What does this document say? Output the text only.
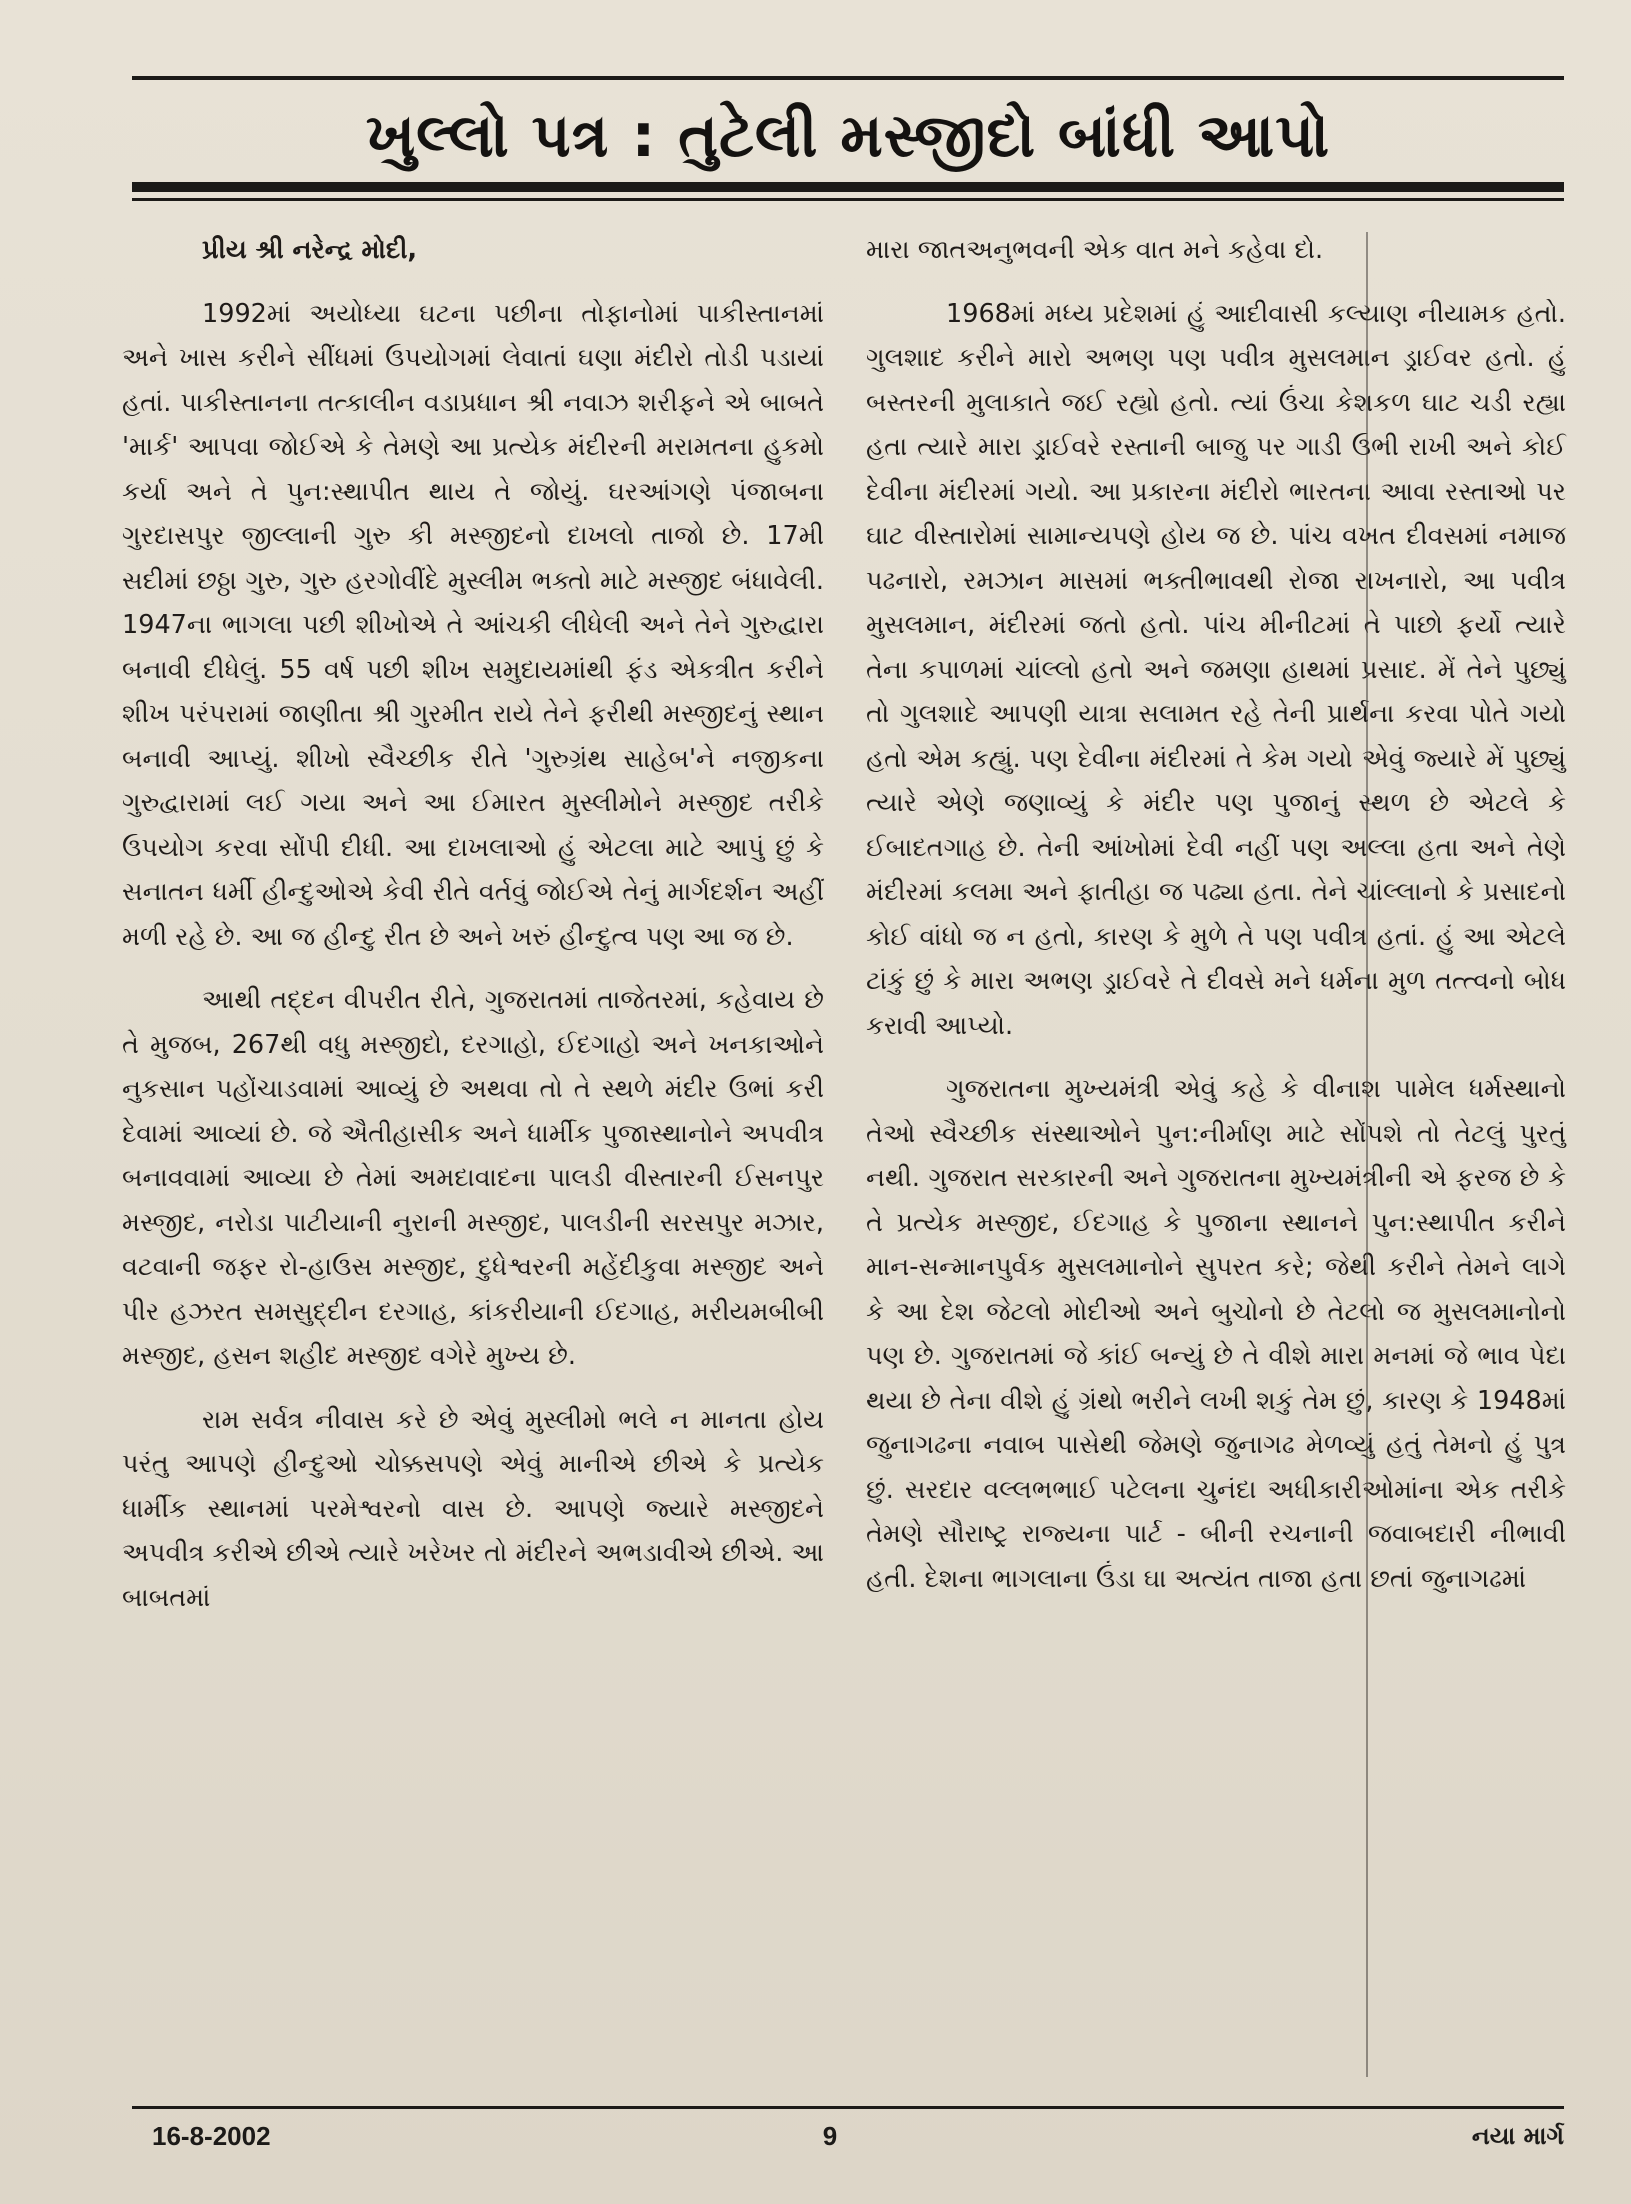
ખુલ્લો પત્ર : તુટેલી મસ્જીદો બાંધી આપો

પ્રીય શ્રી નરેન્દ્ર મોદી,

1992માં અયોધ્યા ઘટના પછીના તોફાનોમાં પાકીસ્તાનમાં અને ખાસ કરીને સીંધમાં ઉપયોગમાં લેવાતાં ઘણા મંદીરો તોડી પડાયાં હતાં. પાકીસ્તાનના તત્કાલીન વડાપ્રધાન શ્રી નવાઝ શરીફને એ બાબતે 'માર્ક' આપવા જોઈએ કે તેમણે આ પ્રત્યેક મંદીરની મરામતના હુકમો કર્યા અને તે પુન:સ્થાપીત થાય તે જોયું. ઘરઆંગણે પંજાબના ગુરદાસપુર જીલ્લાની ગુરુ કી મસ્જીદનો દાખલો તાજો છે. 17મી સદીમાં છઠ્ઠા ગુરુ, ગુરુ હરગોવીંદે મુસ્લીમ ભક્તો માટે મસ્જીદ બંધાવેલી. 1947ના ભાગલા પછી શીખોએ તે આંચકી લીધેલી અને તેને ગુરુદ્વારા બનાવી દીધેલું. 55 વર્ષ પછી શીખ સમુદાયમાંથી ફંડ એકત્રીત કરીને શીખ પરંપરામાં જાણીતા શ્રી ગુરમીત રાયે તેને ફરીથી મસ્જીદનું સ્થાન બનાવી આપ્યું. શીખો સ્વૈચ્છીક રીતે 'ગુરુગ્રંથ સાહેબ'ને નજીકના ગુરુદ્વારામાં લઈ ગયા અને આ ઈમારત મુસ્લીમોને મસ્જીદ તરીકે ઉપયોગ કરવા સોંપી દીધી. આ દાખલાઓ હું એટલા માટે આપું છું કે સનાતન ધર્મી હીન્દુઓએ કેવી રીતે વર્તવું જોઈએ તેનું માર્ગદર્શન અહીં મળી રહે છે. આ જ હીન્દુ રીત છે અને ખરું હીન્દુત્વ પણ આ જ છે.

આથી તદ્દન વીપરીત રીતે, ગુજરાતમાં તાજેતરમાં, કહેવાય છે તે મુજબ, 267થી વધુ મસ્જીદો, દરગાહો, ઈદગાહો અને ખનકાઓને નુકસાન પહોંચાડવામાં આવ્યું છે અથવા તો તે સ્થળે મંદીર ઉભાં કરી દેવામાં આવ્યાં છે. જે ઐતીહાસીક અને ધાર્મીક પુજાસ્થાનોને અપવીત્ર બનાવવામાં આવ્યા છે તેમાં અમદાવાદના પાલડી વીસ્તારની ઈસનપુર મસ્જીદ, નરોડા પાટીયાની નુરાની મસ્જીદ, પાલડીની સરસપુર મઝાર, વટવાની જફર રો-હાઉસ મસ્જીદ, દુધેશ્વરની મહેંદીકુવા મસ્જીદ અને પીર હઝરત સમસુદ્દીન દરગાહ, કાંકરીયાની ઈદગાહ, મરીયમબીબી મસ્જીદ, હસન શહીદ મસ્જીદ વગેરે મુખ્ય છે.

રામ સર્વત્ર નીવાસ કરે છે એવું મુસ્લીમો ભલે ન માનતા હોય પરંતુ આપણે હીન્દુઓ ચોક્કસપણે એવું માનીએ છીએ કે પ્રત્યેક ધાર્મીક સ્થાનમાં પરમેશ્વરનો વાસ છે. આપણે જ્યારે મસ્જીદને અપવીત્ર કરીએ છીએ ત્યારે ખરેખર તો મંદીરને અભડાવીએ છીએ. આ બાબતમાં

મારા જાતઅનુભવની એક વાત મને કહેવા દો.

1968માં મધ્ય પ્રદેશમાં હું આદીવાસી કલ્યાણ નીયામક હતો. ગુલશાદ કરીને મારો અભણ પણ પવીત્ર મુસલમાન ડ્રાઈવર હતો. હું બસ્તરની મુલાકાતે જઈ રહ્યો હતો. ત્યાં ઉંચા કેશકળ ઘાટ ચડી રહ્યા હતા ત્યારે મારા ડ્રાઈવરે રસ્તાની બાજુ પર ગાડી ઉભી રાખી અને કોઈ દેવીના મંદીરમાં ગયો. આ પ્રકારના મંદીરો ભારતના આવા રસ્તાઓ પર ઘાટ વીસ્તારોમાં સામાન્યપણે હોય જ છે. પાંચ વખત દીવસમાં નમાજ પઢનારો, રમઝાન માસમાં ભક્તીભાવથી રોજા રાખનારો, આ પવીત્ર મુસલમાન, મંદીરમાં જતો હતો. પાંચ મીનીટમાં તે પાછો ફર્યો ત્યારે તેના કપાળમાં ચાંલ્લો હતો અને જમણા હાથમાં પ્રસાદ. મેં તેને પુછ્યું તો ગુલશાદે આપણી યાત્રા સલામત રહે તેની પ્રાર્થના કરવા પોતે ગયો હતો એમ કહ્યું. પણ દેવીના મંદીરમાં તે કેમ ગયો એવું જ્યારે મેં પુછ્યું ત્યારે એણે જણાવ્યું કે મંદીર પણ પુજાનું સ્થળ છે એટલે કે ઈબાદતગાહ છે. તેની આંખોમાં દેવી નહીં પણ અલ્લા હતા અને તેણે મંદીરમાં કલમા અને ફાતીહા જ પઢ્યા હતા. તેને ચાંલ્લાનો કે પ્રસાદનો કોઈ વાંધો જ ન હતો, કારણ કે મુળે તે પણ પવીત્ર હતાં. હું આ એટલે ટાંકું છું કે મારા અભણ ડ્રાઈવરે તે દીવસે મને ધર્મના મુળ તત્ત્વનો બોધ કરાવી આપ્યો.

ગુજરાતના મુખ્યમંત્રી એવું કહે કે વીનાશ પામેલ ધર્મસ્થાનો તેઓ સ્વૈચ્છીક સંસ્થાઓને પુન:નીર્માણ માટે સોંપશે તો તેટલું પુરતું નથી. ગુજરાત સરકારની અને ગુજરાતના મુખ્યમંત્રીની એ ફરજ છે કે તે પ્રત્યેક મસ્જીદ, ઈદગાહ કે પુજાના સ્થાનને પુન:સ્થાપીત કરીને માન-સન્માનપુર્વક મુસલમાનોને સુપરત કરે; જેથી કરીને તેમને લાગે કે આ દેશ જેટલો મોદીઓ અને બુચોનો છે તેટલો જ મુસલમાનોનો પણ છે. ગુજરાતમાં જે કાંઈ બન્યું છે તે વીશે મારા મનમાં જે ભાવ પેદા થયા છે તેના વીશે હું ગ્રંથો ભરીને લખી શકું તેમ છું, કારણ કે 1948માં જુનાગઢના નવાબ પાસેથી જેમણે જુનાગઢ મેળવ્યું હતું તેમનો હું પુત્ર છું. સરદાર વલ્લભભાઈ પટેલના ચુનંદા અધીકારીઓમાંના એક તરીકે તેમણે સૌરાષ્ટ્ર રાજ્યના પાર્ટ - બીની રચનાની જવાબદારી નીભાવી હતી. દેશના ભાગલાના ઉંડા ઘા અત્યંત તાજા હતા છતાં જુનાગઢમાં

16-8-2002	9	નયા માર્ગ
